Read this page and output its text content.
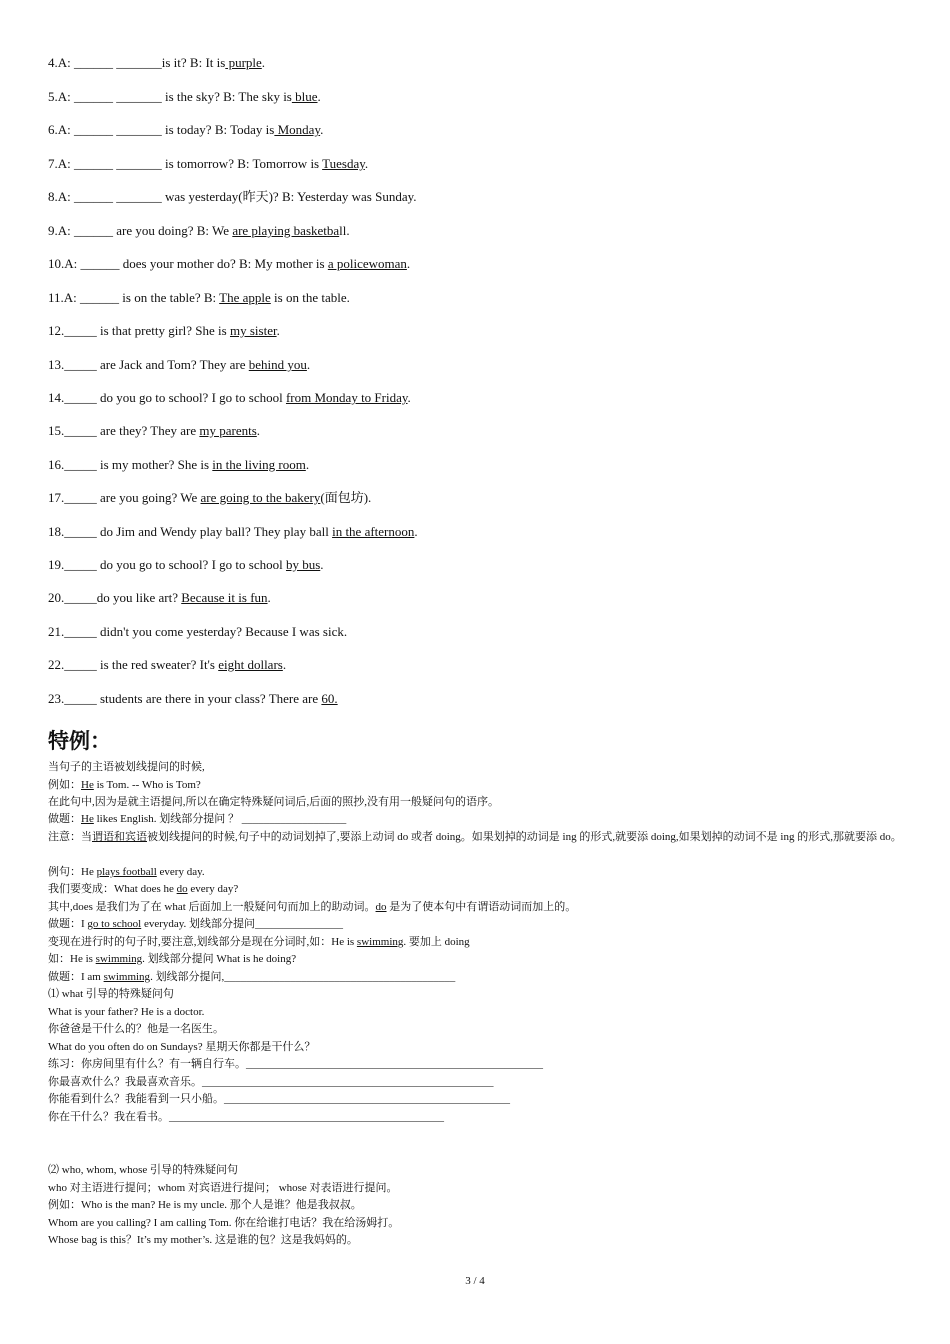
4.A: ______ _______is it? B: It is purple.
5.A: ______ _______ is the sky? B: The sky is blue.
6.A: ______ _______ is today? B: Today is Monday.
7.A: ______ _______ is tomorrow? B: Tomorrow is Tuesday.
8.A: ______ _______ was yesterday(昨天)? B: Yesterday was Sunday.
9.A: ______ are you doing? B: We are playing basketball.
10.A: ______ does your mother do? B: My mother is a policewoman.
11.A: ______ is on the table? B: The apple is on the table.
12._____ is that pretty girl? She is my sister.
13._____ are Jack and Tom? They are behind you.
14._____ do you go to school? I go to school from Monday to Friday.
15._____ are they? They are my parents.
16._____ is my mother? She is in the living room.
17._____ are you going? We are going to the bakery(面包坊).
18._____ do Jim and Wendy play ball? They play ball in the afternoon.
19._____ do you go to school? I go to school by bus.
20._____do you like art? Because it is fun.
21._____ didn't you come yesterday? Because I was sick.
22._____ is the red sweater? It's eight dollars.
23._____ students are there in your class? There are 60.
特例：
当句子的主语被划线提问的时候,
例如：He is Tom. -- Who is Tom?
在此句中,因为是就主语提问,所以在确定特殊疑问词后,后面的照抄,没有用一般疑问句的语序。
做题：He likes English. 划线部分提问 ？ ___________________
注意：当谓语和宾语被划线提问的时候,句子中的动词划掉了,要添上动词 do 或者 doing。如果划掉的动词是 ing 的形式,就要添 doing,如果划掉的动词不是 ing 的形式,那就要添 do。
例句：He plays football every day.
我们要变成：What does he do every day?
其中,does 是我们为了在 what 后面加上一般疑问句而加上的助动词。do 是为了使本句中有谓语动词而加上的。
做题：I go to school everyday. 划线部分提问________________
变现在进行时的句子时,要注意,划线部分是现在分词时,如：He is swimming. 要加上 doing
如：He is swimming. 划线部分提问 What is he doing?
做题：I am swimming. 划线部分提问,__________________________________________
⑴ what 引导的特殊疑问句
What is your father? He is a doctor.
你爸爸是干什么的？他是一名医生。
What do you often do on Sundays? 星期天你都是干什么？
练习：你房间里有什么？有一辆自行车。______________________________________________________
你最喜欢什么？我最喜欢音乐。_____________________________________________________
你能看到什么？我能看到一只小船。____________________________________________________
你在干什么？我在看书。__________________________________________________
⑵ who, whom, whose 引导的特殊疑问句
who 对主语进行提问；whom 对宾语进行提问； whose 对表语进行提问。
例如：Who is the man? He is my uncle. 那个人是谁？他是我叔叔。
Whom are you calling? I am calling Tom. 你在给谁打电话？我在给汤姆打。
Whose bag is this？It’s my mother’s. 这是谁的包？这是我妈妈的。
3 / 4
